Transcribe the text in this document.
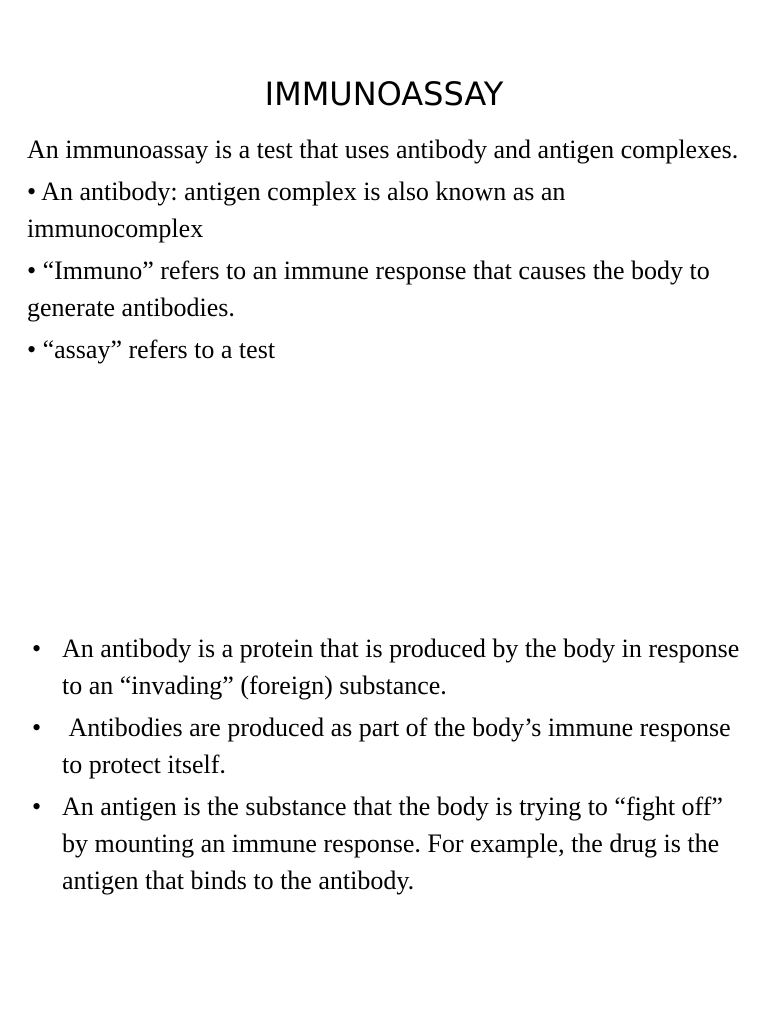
IMMUNOASSAY

An immunoassay is a test that uses antibody and antigen complexes.

• An antibody: antigen complex is also known as an immunocomplex

• “Immuno” refers to an immune response that causes the body to generate antibodies.

• “assay” refers to a test

• An antibody is a protein that is produced by the body in response to an “invading” (foreign) substance.
• Antibodies are produced as part of the body’s immune response to protect itself.
• An antigen is the substance that the body is trying to “fight off” by mounting an immune response. For example, the drug is the antigen that binds to the antibody.
